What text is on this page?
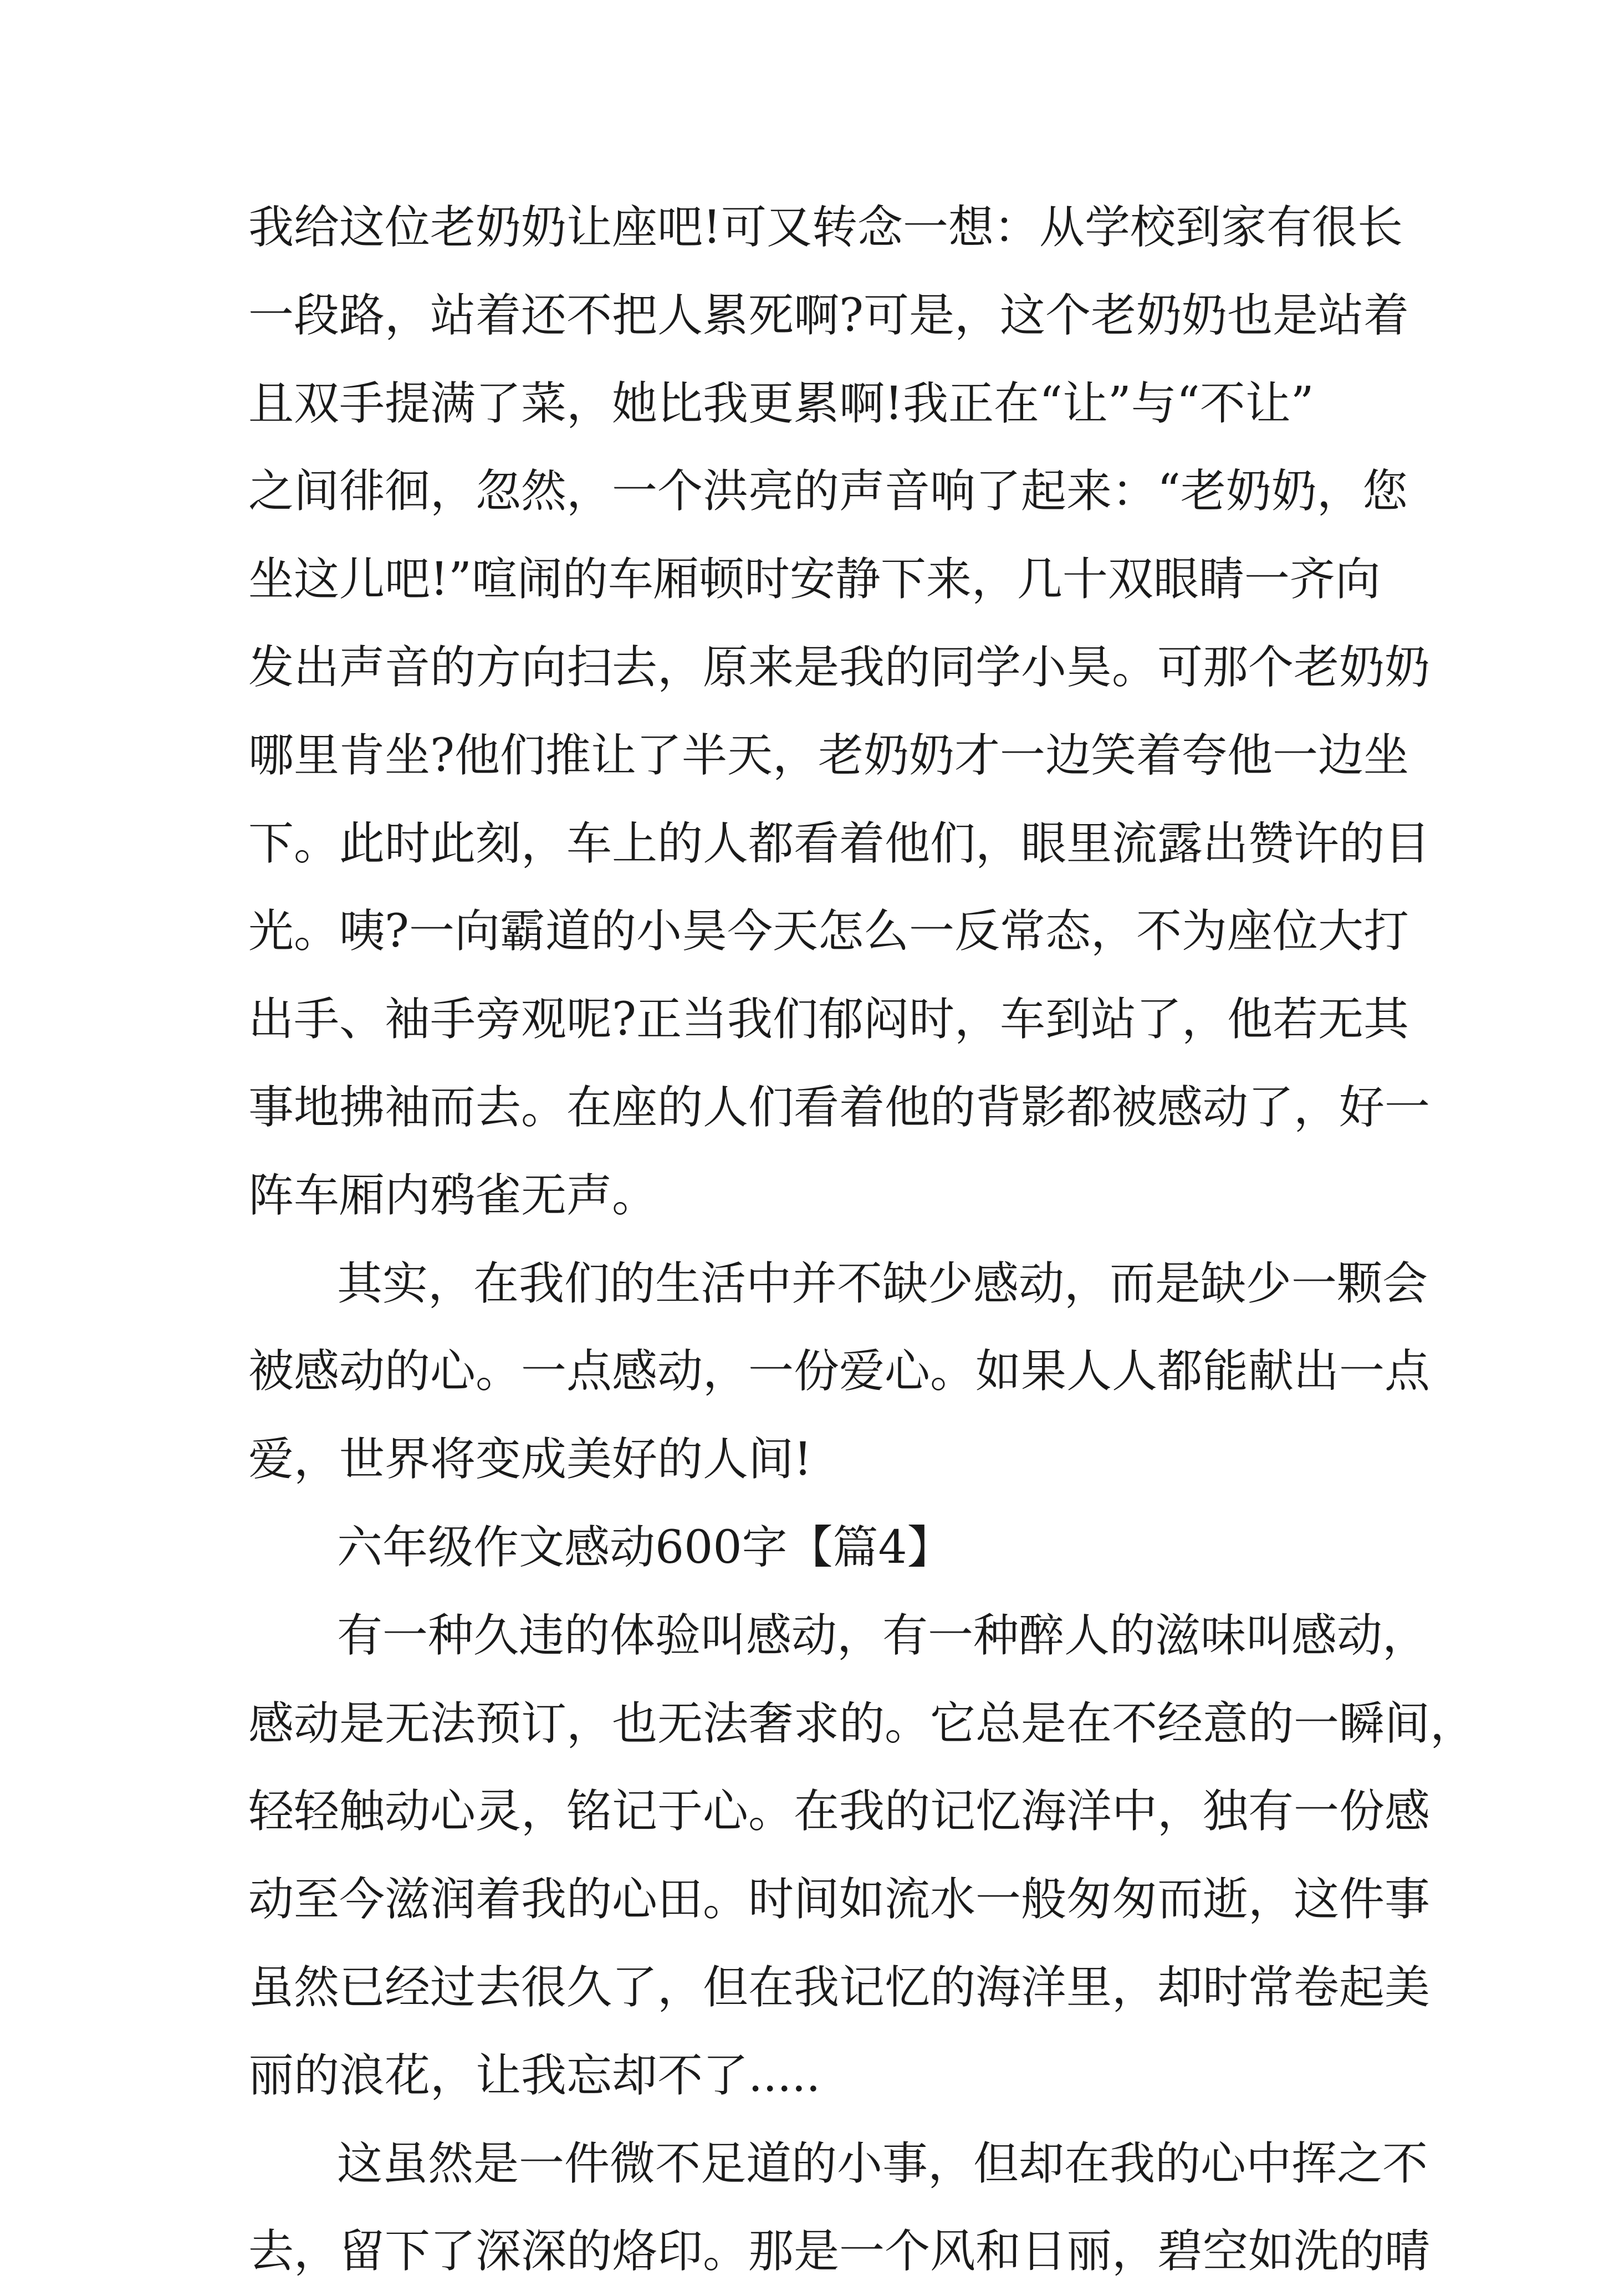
我给这位老奶奶让座吧!可又转念一想：从学校到家有很长
一段路，站着还不把人累死啊?可是，这个老奶奶也是站着
且双手提满了菜，她比我更累啊!我正在“让”与“不让”
之间徘徊，忽然，一个洪亮的声音响了起来：“老奶奶，您
坐这儿吧!”喧闹的车厢顿时安静下来，几十双眼睛一齐向
发出声音的方向扫去，原来是我的同学小昊。可那个老奶奶
哪里肯坐?他们推让了半天，老奶奶才一边笑着夸他一边坐
下。此时此刻，车上的人都看着他们，眼里流露出赞许的目
光。咦?一向霸道的小昊今天怎么一反常态，不为座位大打
出手、袖手旁观呢?正当我们郁闷时，车到站了，他若无其
事地拂袖而去。在座的人们看着他的背影都被感动了，好一
阵车厢内鸦雀无声。
其实，在我们的生活中并不缺少感动，而是缺少一颗会
被感动的心。一点感动，一份爱心。如果人人都能献出一点
爱，世界将变成美好的人间!
六年级作文感动600字【篇4】
有一种久违的体验叫感动，有一种醉人的滋味叫感动，
感动是无法预订，也无法奢求的。它总是在不经意的一瞬间，
轻轻触动心灵，铭记于心。在我的记忆海洋中，独有一份感
动至今滋润着我的心田。时间如流水一般匆匆而逝，这件事
虽然已经过去很久了，但在我记忆的海洋里，却时常卷起美
丽的浪花，让我忘却不了.....
这虽然是一件微不足道的小事，但却在我的心中挥之不
去，留下了深深的烙印。那是一个风和日丽，碧空如洗的晴
